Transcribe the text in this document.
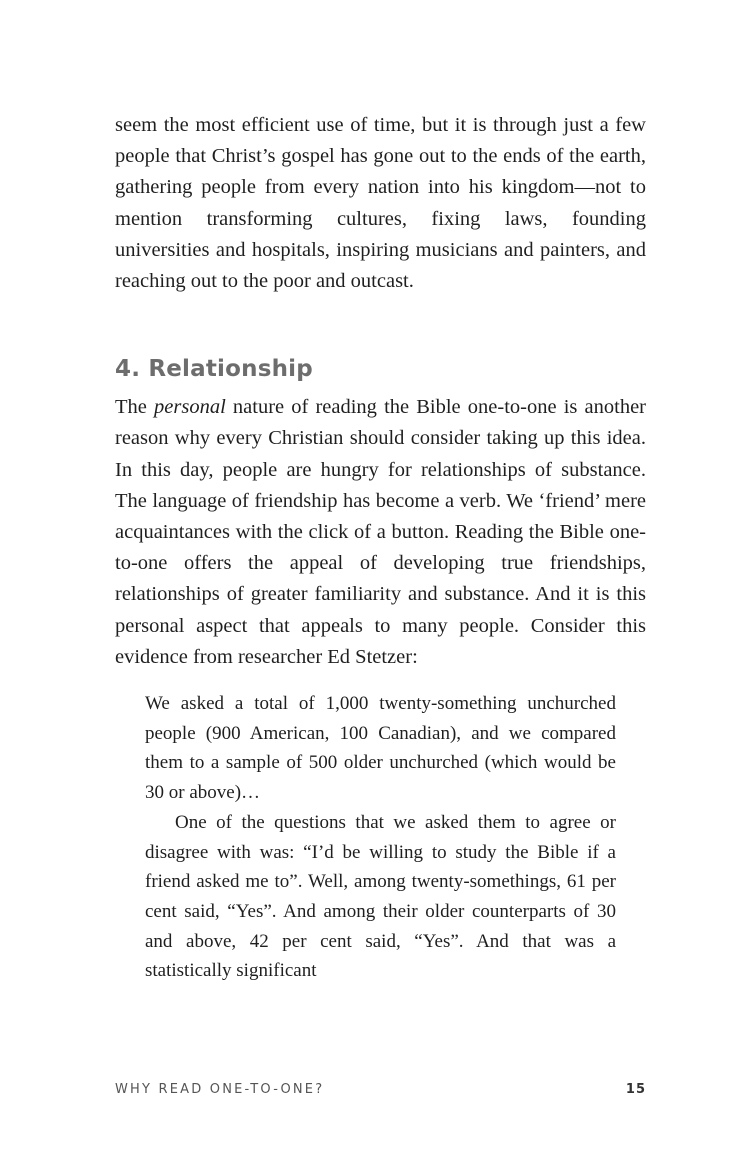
seem the most efficient use of time, but it is through just a few people that Christ’s gospel has gone out to the ends of the earth, gathering people from every nation into his kingdom—not to mention transforming cultures, fixing laws, founding universities and hospitals, inspiring musicians and painters, and reaching out to the poor and outcast.

4. Relationship

The personal nature of reading the Bible one-to-one is another reason why every Christian should consider taking up this idea. In this day, people are hungry for relationships of substance. The language of friendship has become a verb. We ‘friend’ mere acquaintances with the click of a button. Reading the Bible one-to-one offers the appeal of developing true friendships, relationships of greater familiarity and substance. And it is this personal aspect that appeals to many people. Consider this evidence from researcher Ed Stetzer:

We asked a total of 1,000 twenty-something unchurched people (900 American, 100 Canadian), and we compared them to a sample of 500 older unchurched (which would be 30 or above)…

One of the questions that we asked them to agree or disagree with was: “I’d be willing to study the Bible if a friend asked me to”. Well, among twenty-somethings, 61 per cent said, “Yes”. And among their older counterparts of 30 and above, 42 per cent said, “Yes”. And that was a statistically significant

WHY READ ONE-TO-ONE?	15
